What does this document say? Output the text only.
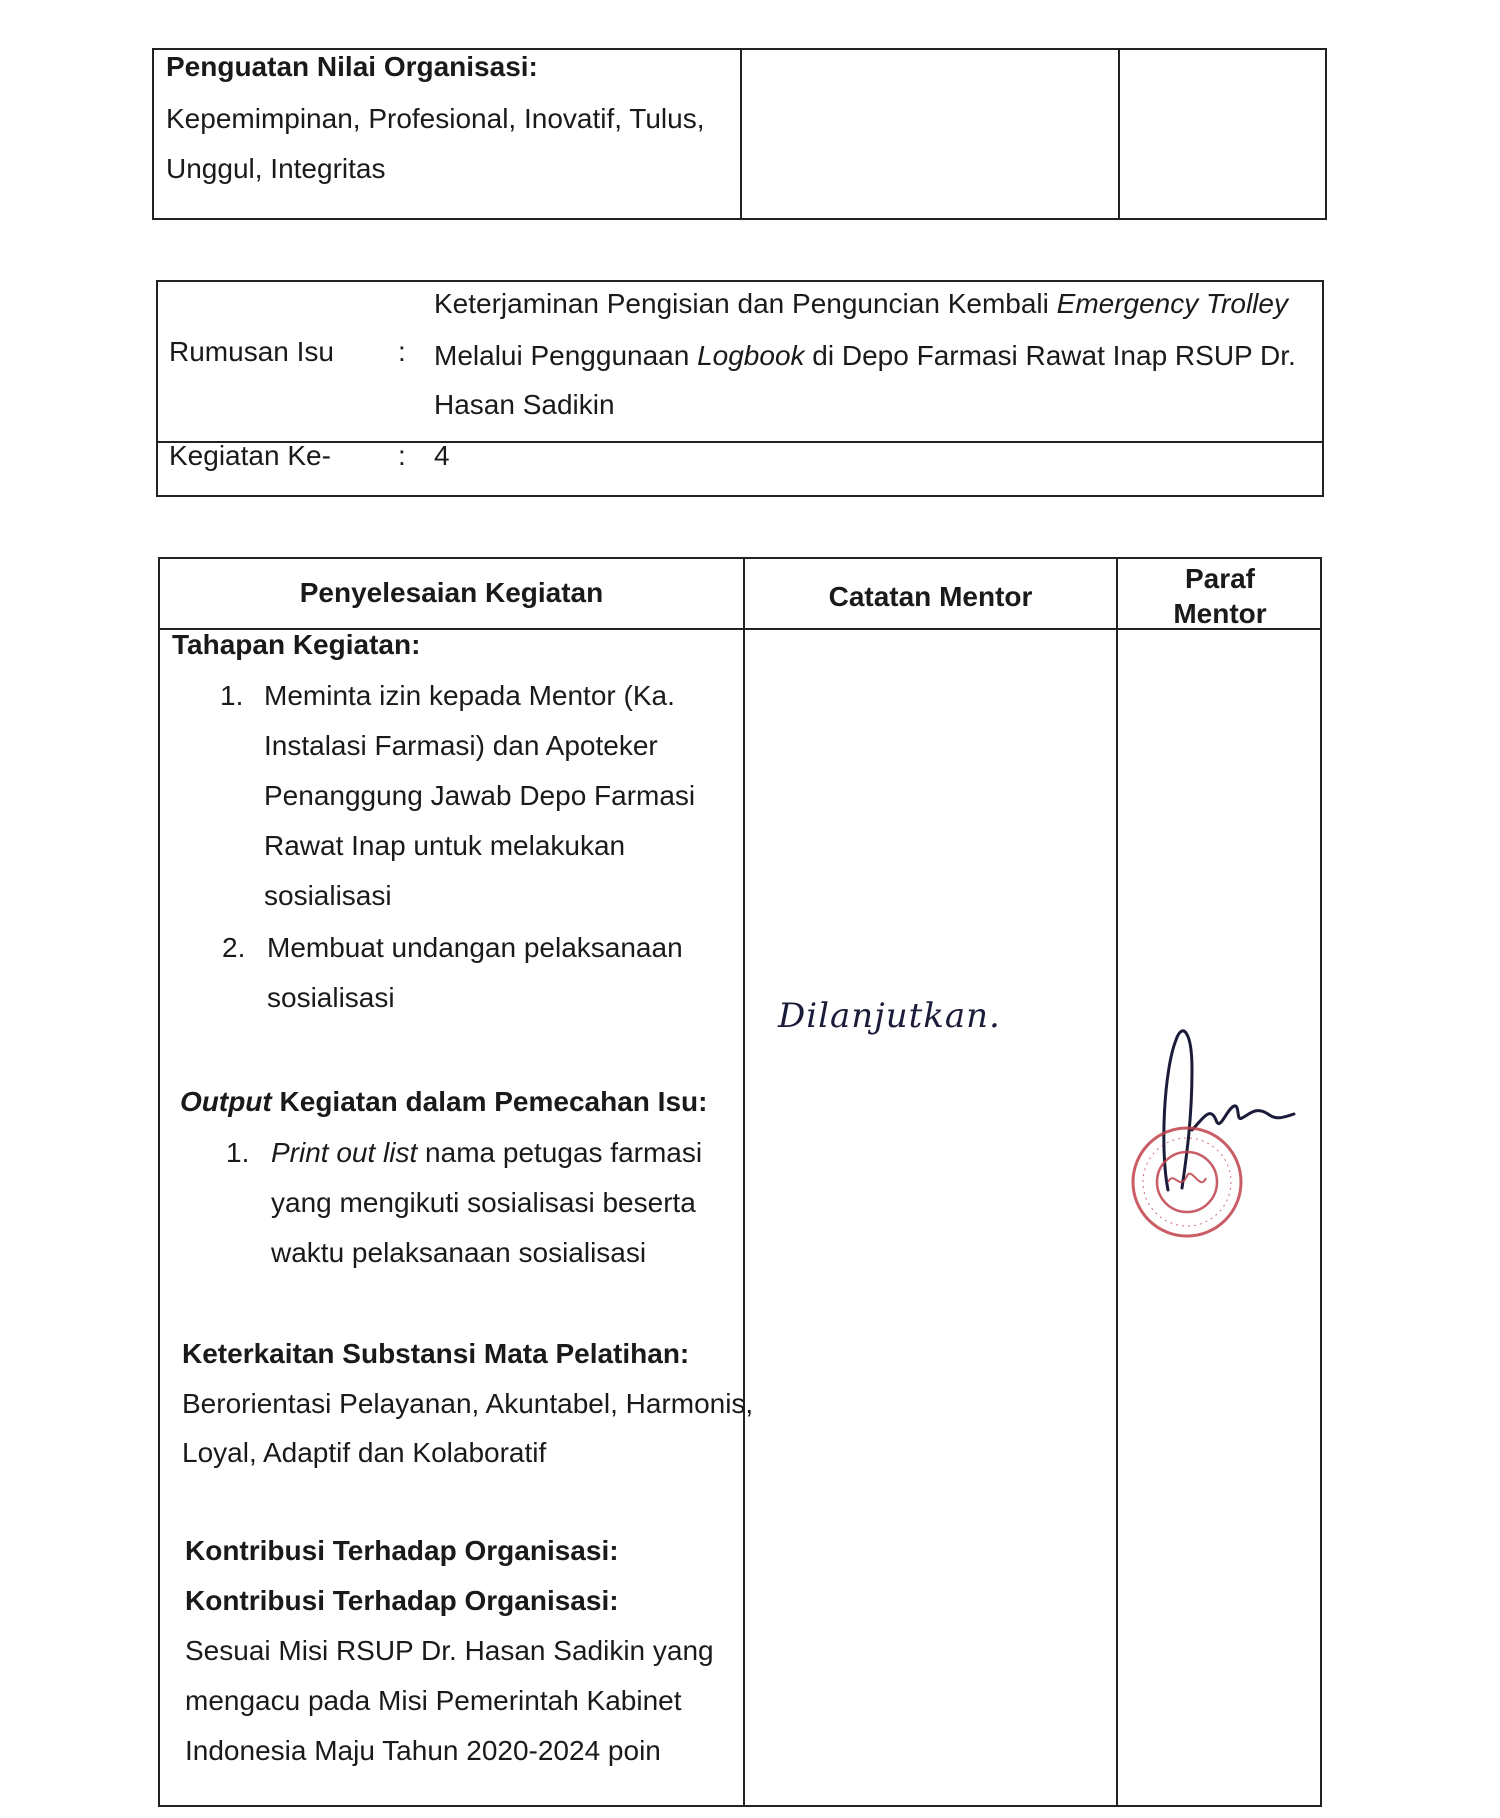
Penguatan Nilai Organisasi:
Kepemimpinan, Profesional, Inovatif, Tulus,
Unggul, Integritas
Rumusan Isu :
Keterjaminan Pengisian dan Penguncian Kembali Emergency Trolley
Melalui Penggunaan Logbook di Depo Farmasi Rawat Inap RSUP Dr.
Hasan Sadikin
Kegiatan Ke- : 4
Penyelesaian Kegiatan	Catatan Mentor
Paraf
Mentor
Tahapan Kegiatan:
1. Meminta izin kepada Mentor (Ka.
Instalasi Farmasi) dan Apoteker
Penanggung Jawab Depo Farmasi
Rawat Inap untuk melakukan
sosialisasi
2. Membuat undangan pelaksanaan
sosialisasi
Output Kegiatan dalam Pemecahan Isu:
1. Print out list nama petugas farmasi
yang mengikuti sosialisasi beserta
waktu pelaksanaan sosialisasi
Keterkaitan Substansi Mata Pelatihan:
Berorientasi Pelayanan, Akuntabel, Harmonis,
Loyal, Adaptif dan Kolaboratif
Kontribusi Terhadap Organisasi:
Kontribusi Terhadap Organisasi:
Sesuai Misi RSUP Dr. Hasan Sadikin yang
mengacu pada Misi Pemerintah Kabinet
Indonesia Maju Tahun 2020-2024 poin
Dilanjutkan.
